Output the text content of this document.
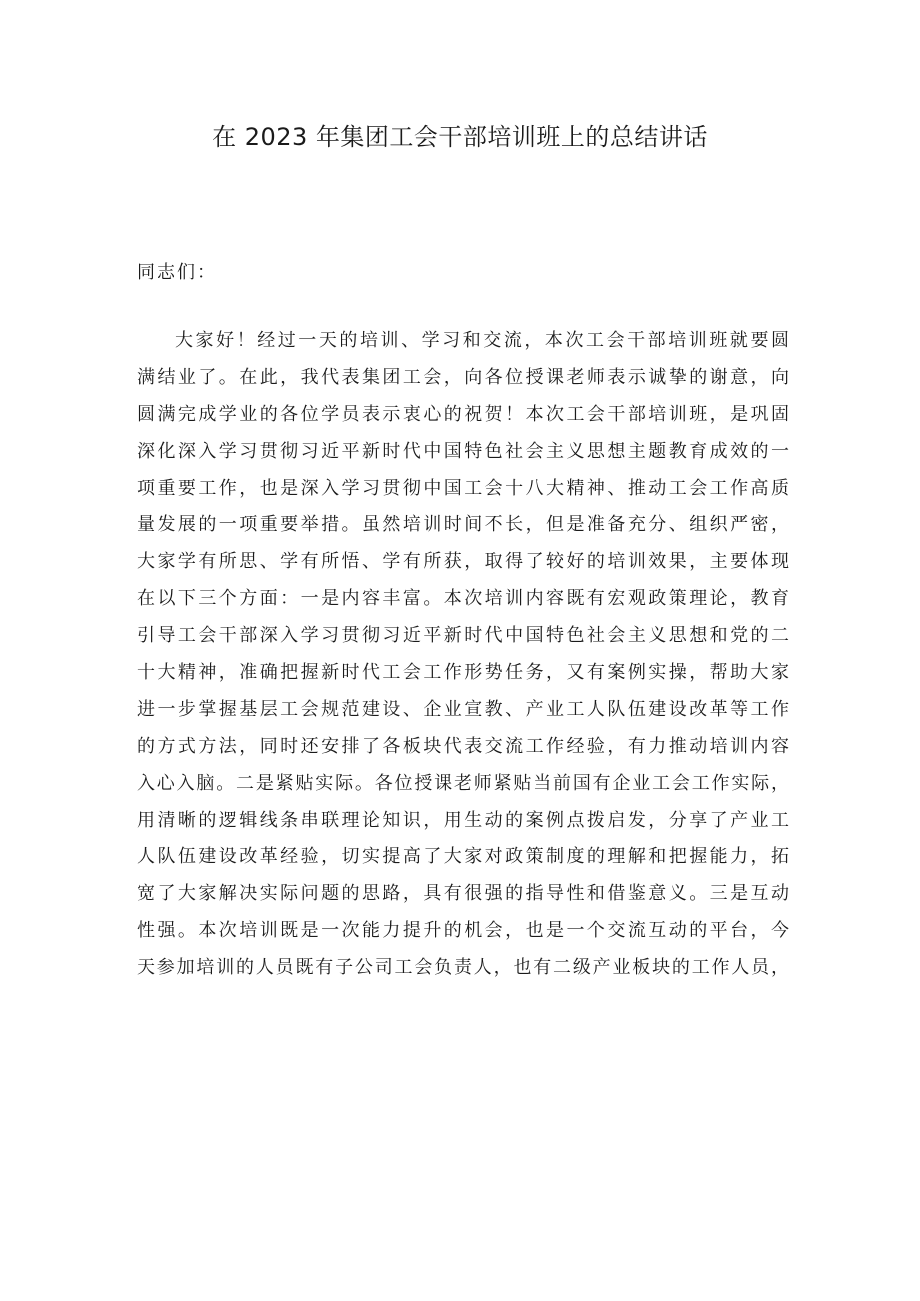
在 2023 年集团工会干部培训班上的总结讲话

同志们：

大家好！经过一天的培训、学习和交流，本次工会干部培训班就要圆
满结业了。在此，我代表集团工会，向各位授课老师表示诚挚的谢意，向
圆满完成学业的各位学员表示衷心的祝贺！本次工会干部培训班，是巩固
深化深入学习贯彻习近平新时代中国特色社会主义思想主题教育成效的一
项重要工作，也是深入学习贯彻中国工会十八大精神、推动工会工作高质
量发展的一项重要举措。虽然培训时间不长，但是准备充分、组织严密，
大家学有所思、学有所悟、学有所获，取得了较好的培训效果，主要体现
在以下三个方面：一是内容丰富。本次培训内容既有宏观政策理论，教育
引导工会干部深入学习贯彻习近平新时代中国特色社会主义思想和党的二
十大精神，准确把握新时代工会工作形势任务，又有案例实操，帮助大家
进一步掌握基层工会规范建设、企业宣教、产业工人队伍建设改革等工作
的方式方法，同时还安排了各板块代表交流工作经验，有力推动培训内容
入心入脑。二是紧贴实际。各位授课老师紧贴当前国有企业工会工作实际，
用清晰的逻辑线条串联理论知识，用生动的案例点拨启发，分享了产业工
人队伍建设改革经验，切实提高了大家对政策制度的理解和把握能力，拓
宽了大家解决实际问题的思路，具有很强的指导性和借鉴意义。三是互动
性强。本次培训既是一次能力提升的机会，也是一个交流互动的平台，今
天参加培训的人员既有子公司工会负责人，也有二级产业板块的工作人员，
